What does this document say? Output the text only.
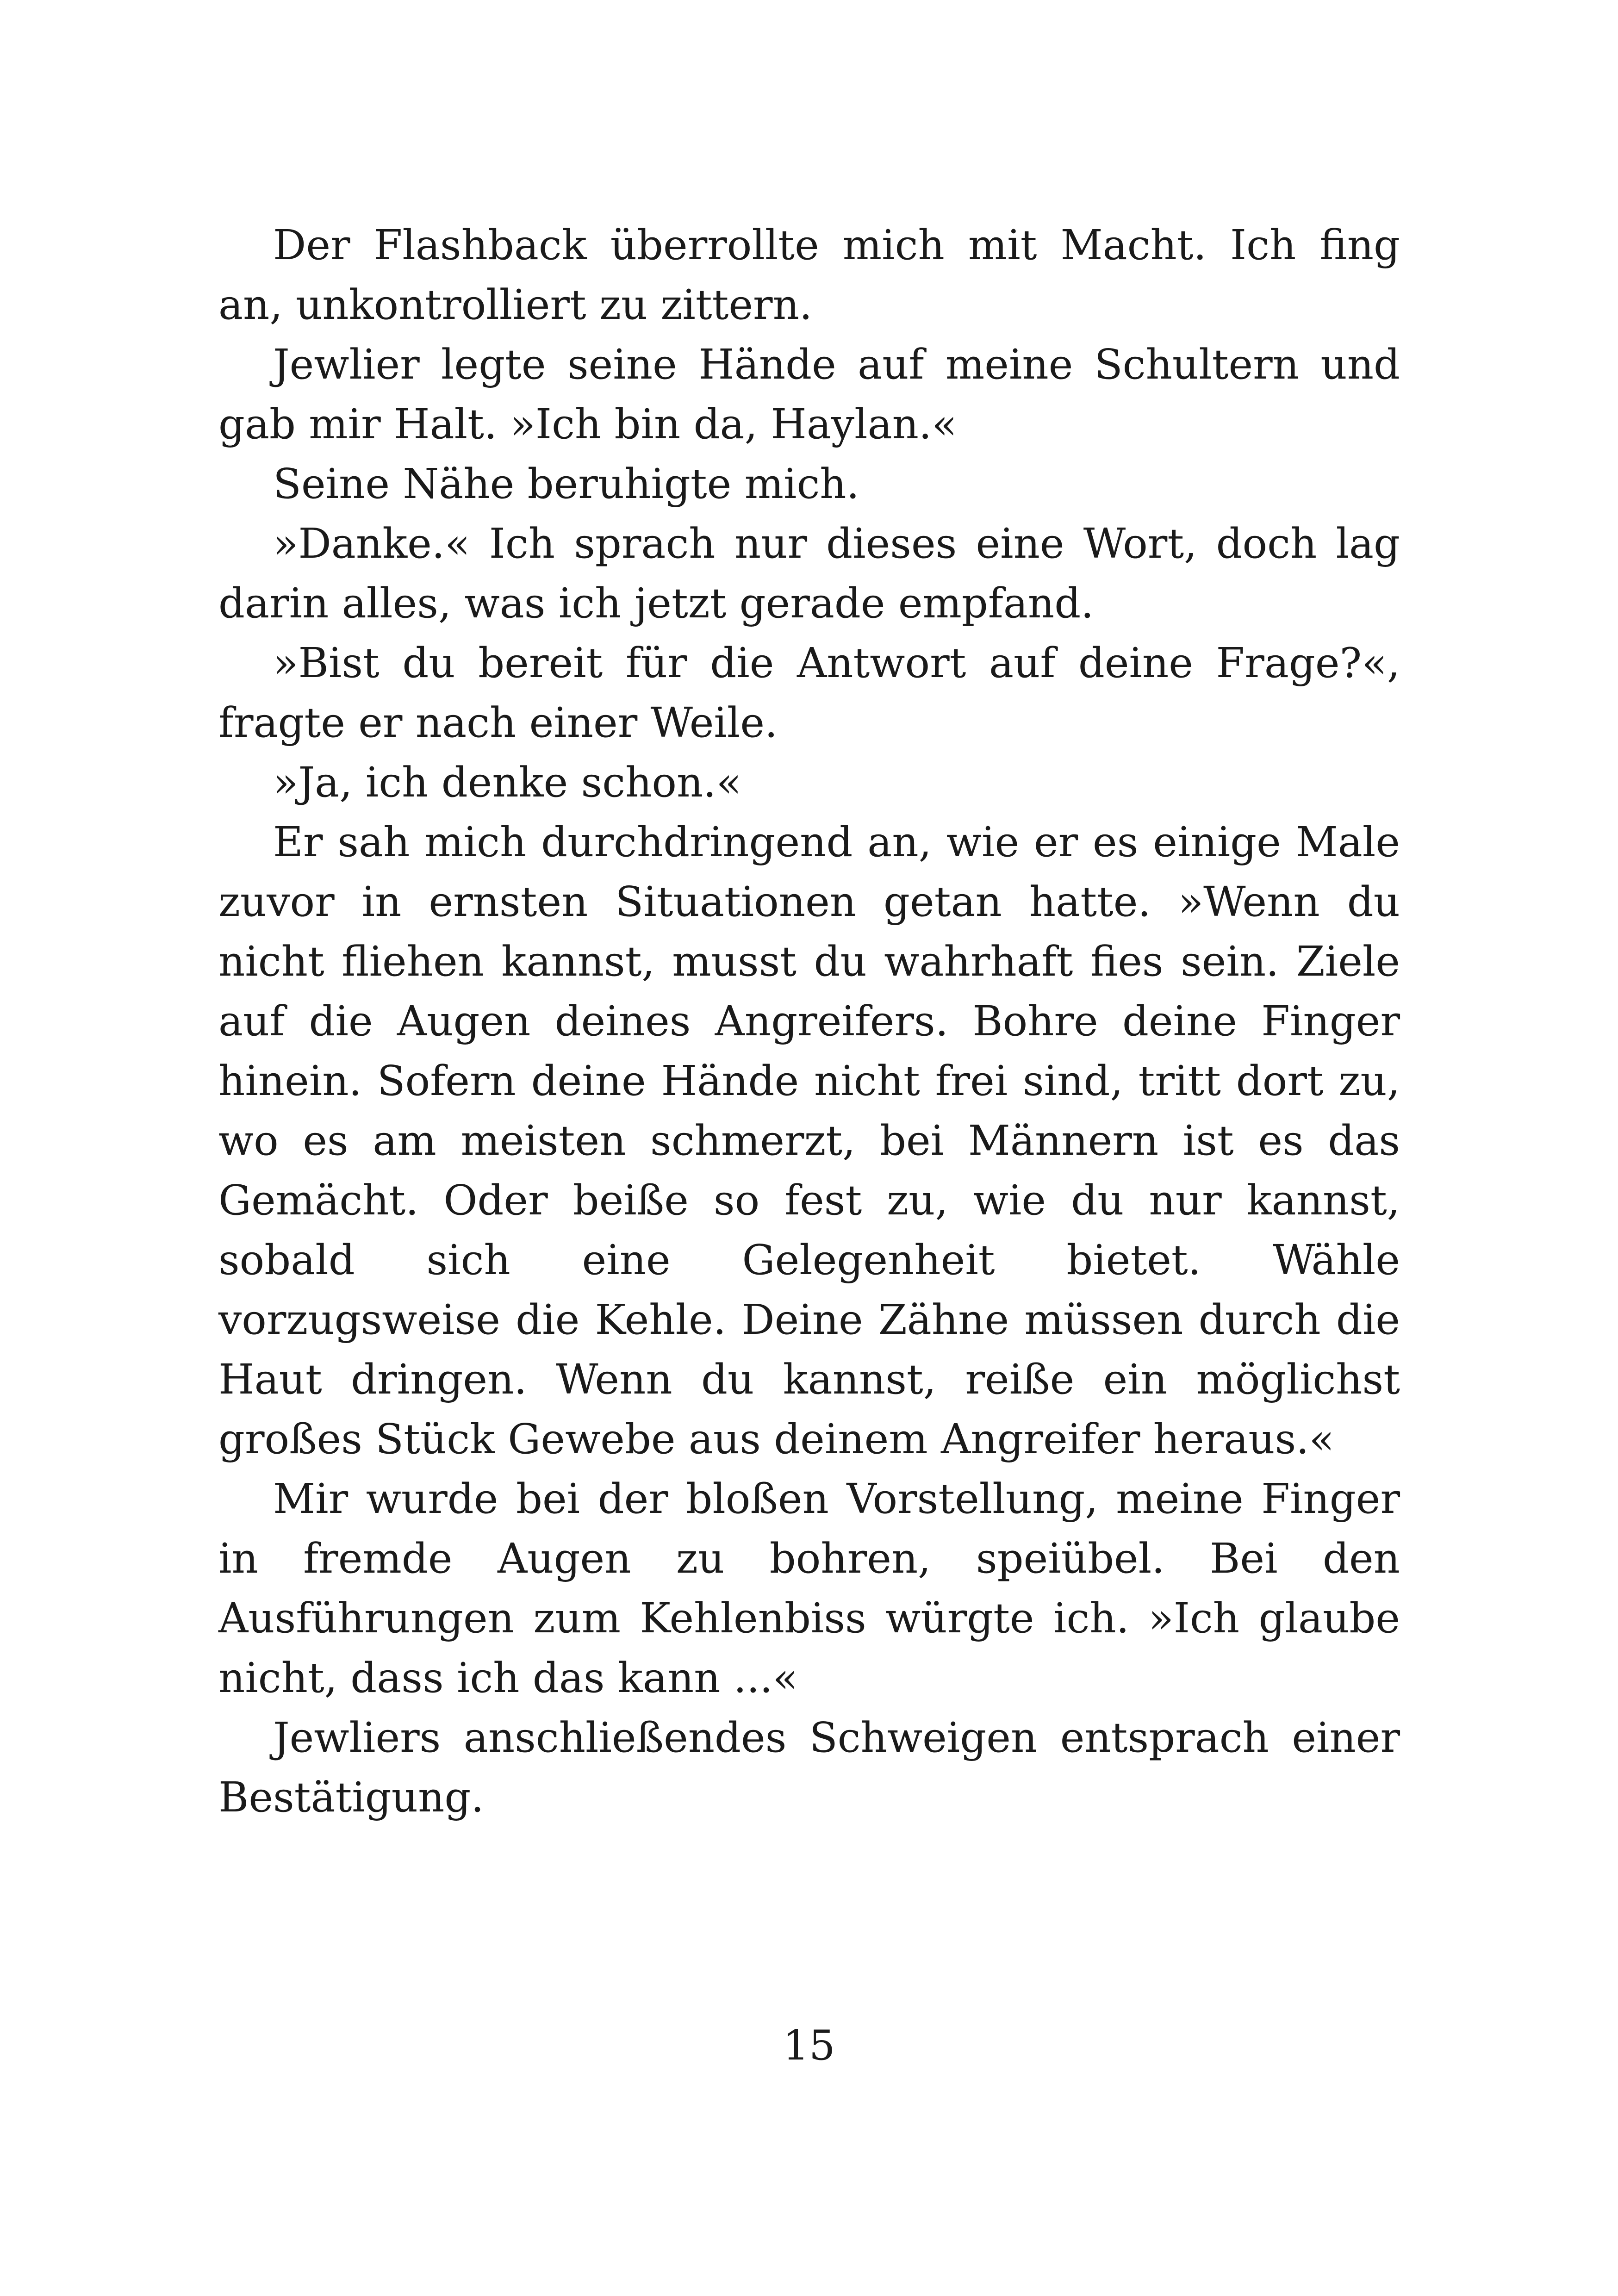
Der Flashback überrollte mich mit Macht. Ich fing an, unkontrolliert zu zittern.

Jewlier legte seine Hände auf meine Schultern und gab mir Halt. »Ich bin da, Haylan.«

Seine Nähe beruhigte mich.

»Danke.« Ich sprach nur dieses eine Wort, doch lag darin alles, was ich jetzt gerade empfand.

»Bist du bereit für die Antwort auf deine Frage?«, fragte er nach einer Weile.

»Ja, ich denke schon.«

Er sah mich durchdringend an, wie er es einige Male zuvor in ernsten Situationen getan hatte. »Wenn du nicht fliehen kannst, musst du wahrhaft fies sein. Ziele auf die Augen deines Angreifers. Bohre deine Finger hinein. Sofern deine Hände nicht frei sind, tritt dort zu, wo es am meisten schmerzt, bei Männern ist es das Gemächt. Oder beiße so fest zu, wie du nur kannst, sobald sich eine Gelegenheit bietet. Wähle vorzugsweise die Kehle. Deine Zähne müssen durch die Haut dringen. Wenn du kannst, reiße ein möglichst großes Stück Gewebe aus deinem Angreifer heraus.«

Mir wurde bei der bloßen Vorstellung, meine Finger in fremde Augen zu bohren, speiübel. Bei den Ausführungen zum Kehlenbiss würgte ich. »Ich glaube nicht, dass ich das kann ...«

Jewliers anschließendes Schweigen entsprach einer Bestätigung.

15
